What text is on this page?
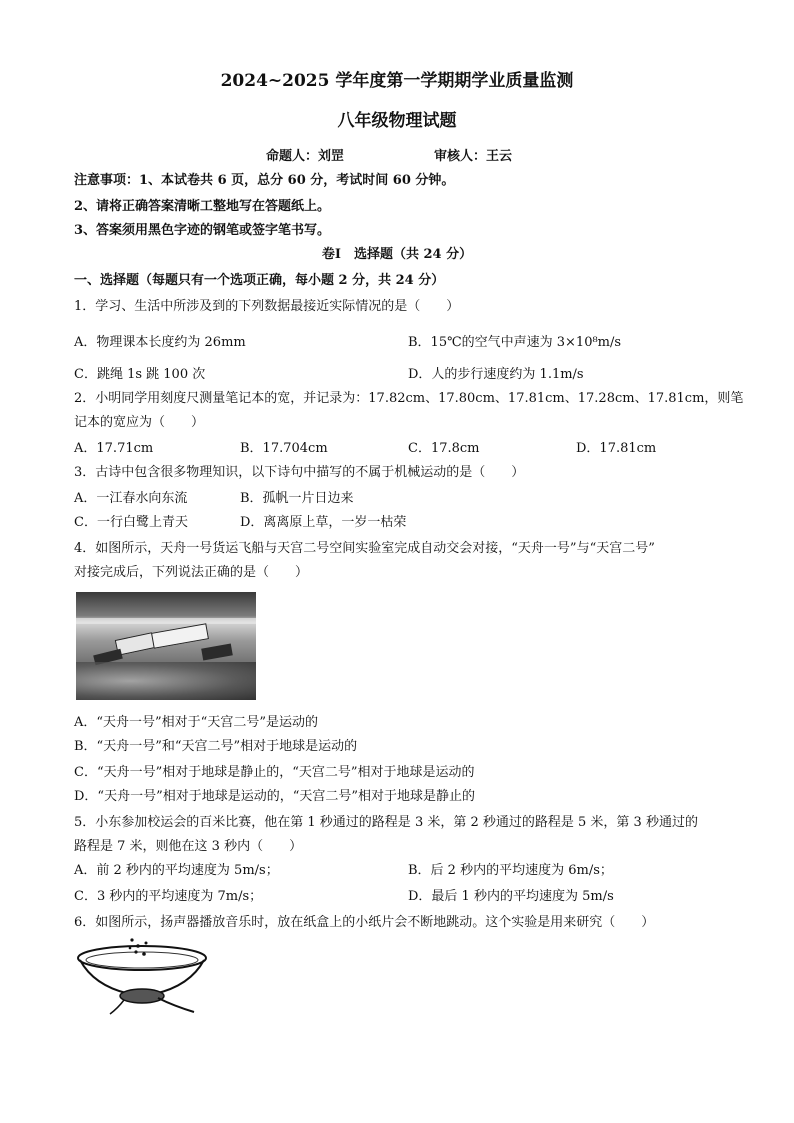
2024~2025 学年度第一学期期学业质量监测
八年级物理试题
命题人：刘罡	审核人：王云
注意事项：1、本试卷共 6 页，总分 60 分，考试时间 60 分钟。
2、请将正确答案清晰工整地写在答题纸上。
3、答案须用黑色字迹的钢笔或签字笔书写。
卷Ⅰ　选择题（共 24 分）
一、选择题（每题只有一个选项正确，每小题 2 分，共 24 分）
1．学习、生活中所涉及到的下列数据最接近实际情况的是（　　）
A．物理课本长度约为 26mm	B．15℃的空气中声速为 3×10⁸m/s
C．跳绳 1s 跳 100 次	D．人的步行速度约为 1.1m/s
2．小明同学用刻度尺测量笔记本的宽，并记录为：17.82cm、17.80cm、17.81cm、17.28cm、17.81cm，则笔
记本的宽应为（　　）
A．17.71cm	B．17.704cm	C．17.8cm	D．17.81cm
3．古诗中包含很多物理知识，以下诗句中描写的不属于机械运动的是（　　）
A．一江春水向东流	B．孤帆一片日边来
C．一行白鹭上青天	D．离离原上草，一岁一枯荣
4．如图所示，天舟一号货运飞船与天宫二号空间实验室完成自动交会对接，“天舟一号”与“天宫二号”
对接完成后，下列说法正确的是（　　）
A．“天舟一号”相对于“天宫二号”是运动的
B．“天舟一号”和“天宫二号”相对于地球是运动的
C．“天舟一号”相对于地球是静止的，“天宫二号”相对于地球是运动的
D．“天舟一号”相对于地球是运动的，“天宫二号”相对于地球是静止的
5．小东参加校运会的百米比赛，他在第 1 秒通过的路程是 3 米，第 2 秒通过的路程是 5 米，第 3 秒通过的
路程是 7 米，则他在这 3 秒内（　　）
A．前 2 秒内的平均速度为 5m/s；	B．后 2 秒内的平均速度为 6m/s；
C．3 秒内的平均速度为 7m/s；	D．最后 1 秒内的平均速度为 5m/s
6．如图所示，扬声器播放音乐时，放在纸盒上的小纸片会不断地跳动。这个实验是用来研究（　　）
